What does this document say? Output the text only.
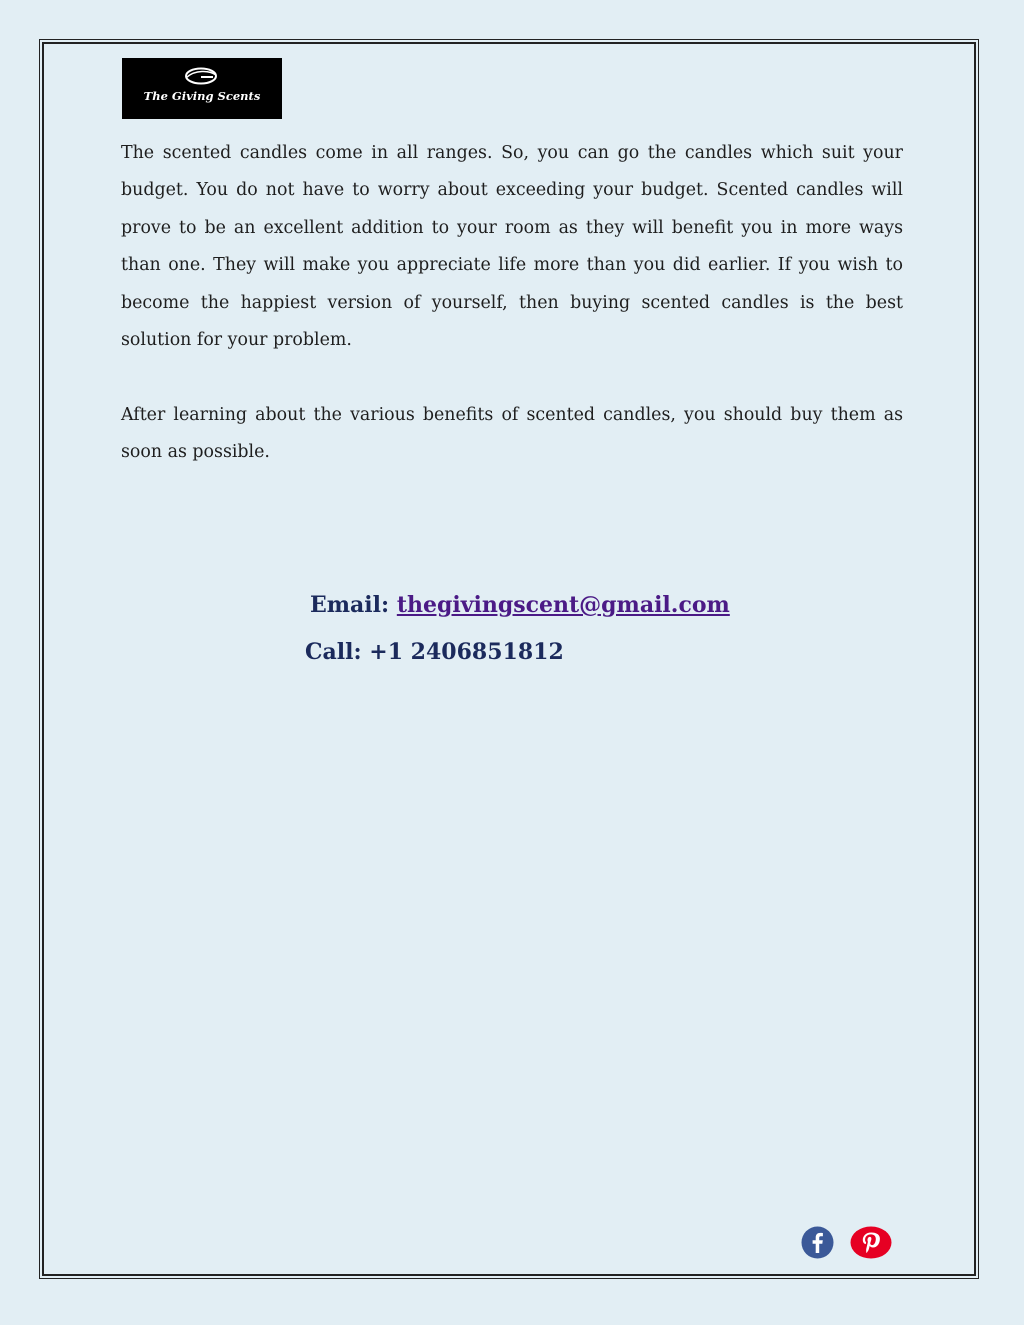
The Giving Scents

The scented candles come in all ranges. So, you can go the candles which suit your budget. You do not have to worry about exceeding your budget. Scented candles will prove to be an excellent addition to your room as they will benefit you in more ways than one. They will make you appreciate life more than you did earlier. If you wish to become the happiest version of yourself, then buying scented candles is the best solution for your problem.

After learning about the various benefits of scented candles, you should buy them as soon as possible.

Email: thegivingscent@gmail.com
Call: +1 2406851812
